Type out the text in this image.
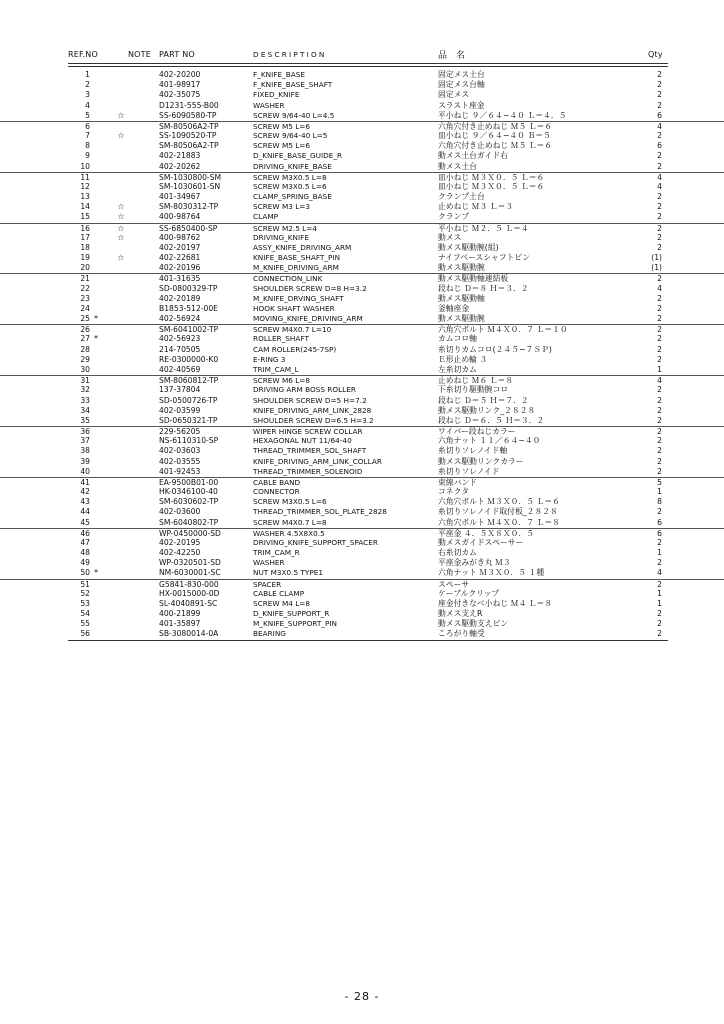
REF.NO	NOTE PART NO	DESCRIPTION	品　名	Qty
1	402-20200	F_KNIFE_BASE	固定メス土台	2
2	401-98917	F_KNIFE_BASE_SHAFT	固定メス台軸	2
3	402-35075	FIXED_KNIFE	固定メス	2
4	D1231-555-B00	WASHER	スラスト座金	2
5	☆	SS-6090580-TP	SCREW 9/64-40 L=4.5	平小ねじ ９／６４−４０ Ｌ＝４．５	6
6	SM-80506A2-TP	SCREW M5 L=6	六角穴付き止めねじ Ｍ５ Ｌ＝６	4
7	☆	SS-1090520-TP	SCREW 9/64-40 L=5	皿小ねじ ９／６４−４０ Ｂ＝５	2
8	SM-80506A2-TP	SCREW M5 L=6	六角穴付き止めねじ Ｍ５ Ｌ＝６	6
9	402-21883	D_KNIFE_BASE_GUIDE_R	動メス土台ガイド右	2
10	402-20262	DRIVING_KNIFE_BASE	動メス土台	2
11	SM-1030800-SM	SCREW M3X0.5 L=8	皿小ねじ Ｍ３Ｘ０．５ Ｌ＝６	4
12	SM-1030601-SN	SCREW M3X0.5 L=6	皿小ねじ Ｍ３Ｘ０．５ Ｌ＝６	4
13	401-34967	CLAMP_SPRING_BASE	クランプ土台	2
14	☆	SM-8030312-TP	SCREW M3 L=3	止めねじ Ｍ３ Ｌ＝３	2
15	☆	400-98764	CLAMP	クランプ	2
16	☆	SS-6850400-SP	SCREW M2.5 L=4	平小ねじ Ｍ２．５ Ｌ＝４	2
17	☆	400-98762	DRIVING_KNIFE	動メス	2
18	402-20197	ASSY_KNIFE_DRIVING_ARM	動メス駆動腕(組)	2
19	☆	402-22681	KNIFE_BASE_SHAFT_PIN	ナイフベースシャフトピン	(1)
20	402-20196	M_KNIFE_DRIVING_ARM	動メス駆動腕	(1)
21	401-31635	CONNECTION_LINK	動メス駆動軸連結板	2
22	SD-0800329-TP	SHOULDER SCREW D=8 H=3.2	段ねじ Ｄ＝８ Ｈ＝３．２	4
23	402-20189	M_KNIFE_DRVING_SHAFT	動メス駆動軸	2
24	B1853-512-00E	HOOK SHAFT WASHER	釜軸座金	2
25 *	402-56924	MOVING_KNIFE_DRIVING_ARM	動メス駆動腕	2
26	SM-6041002-TP	SCREW M4X0.7 L=10	六角穴ボルト Ｍ４Ｘ０．７ Ｌ＝１０	2
27 *	402-56923	ROLLER_SHAFT	カムコロ軸	2
28	214-70505	CAM ROLLER(245-7SP)	糸切りカムコロ(２４５−７ＳＰ)	2
29	RE-0300000-K0	E-RING 3	Ｅ形止め輪 ３	2
30	402-40569	TRIM_CAM_L	左糸切カム	1
31	SM-8060812-TP	SCREW M6 L=8	止めねじ Ｍ６ Ｌ＝８	4
32	137-37804	DRIVING ARM BOSS ROLLER	下糸切り駆動腕コロ	2
33	SD-0500726-TP	SHOULDER SCREW D=5 H=7.2	段ねじ Ｄ＝５ Ｈ＝７．２	2
34	402-03599	KNIFE_DRIVING_ARM_LINK_2828	動メス駆動リンク_２８２８	2
35	SD-0650321-TP	SHOULDER SCREW D=6.5 H=3.2	段ねじ Ｄ＝６．５ Ｈ＝３．２	2
36	229-56205	WIPER HINGE SCREW COLLAR	ワイパー段ねじカラー	2
37	NS-6110310-SP	HEXAGONAL NUT 11/64-40	六角ナット １１／６４−４０	2
38	402-03603	THREAD_TRIMMER_SOL_SHAFT	糸切りソレノイド軸	2
39	402-03555	KNIFE_DRIVING_ARM_LINK_COLLAR	動メス駆動リンクカラー	2
40	401-92453	THREAD_TRIMMER_SOLENOID	糸切りソレノイド	2
41	EA-9500B01-00	CABLE BAND	束線バンド	5
42	HK-0346100-40	CONNECTOR	コネクタ	1
43	SM-6030602-TP	SCREW M3X0.5 L=6	六角穴ボルト Ｍ３Ｘ０．５ Ｌ＝６	8
44	402-03600	THREAD_TRIMMER_SOL_PLATE_2828	糸切りソレノイド取付板_２８２８	2
45	SM-6040802-TP	SCREW M4X0.7 L=8	六角穴ボルト Ｍ４Ｘ０．７ Ｌ＝８	6
46	WP-0450000-SD	WASHER 4.5X8X0.5	平座金 ４．５Ｘ８Ｘ０．５	6
47	402-20195	DRIVING_KNIFE_SUPPORT_SPACER	動メスガイドスペーサー	2
48	402-42250	TRIM_CAM_R	右糸切カム	1
49	WP-0320501-SD	WASHER	平座金みがき丸 Ｍ３	2
50 *	NM-6030001-SC	NUT M3X0.5 TYPE1	六角ナット Ｍ３Ｘ０．５ １種	4
51	G5841-830-000	SPACER	スペーサ	2
52	HX-0015000-0D	CABLE CLAMP	ケーブルクリップ	1
53	SL-4040891-SC	SCREW M4 L=8	座金付きなべ小ねじ Ｍ４ Ｌ＝８	1
54	400-21899	D_KNIFE_SUPPORT_R	動メス支えR	2
55	401-35897	M_KNIFE_SUPPORT_PIN	動メス駆動支えピン	2
56	SB-3080014-0A	BEARING	ころがり軸受	2
- 28 -
